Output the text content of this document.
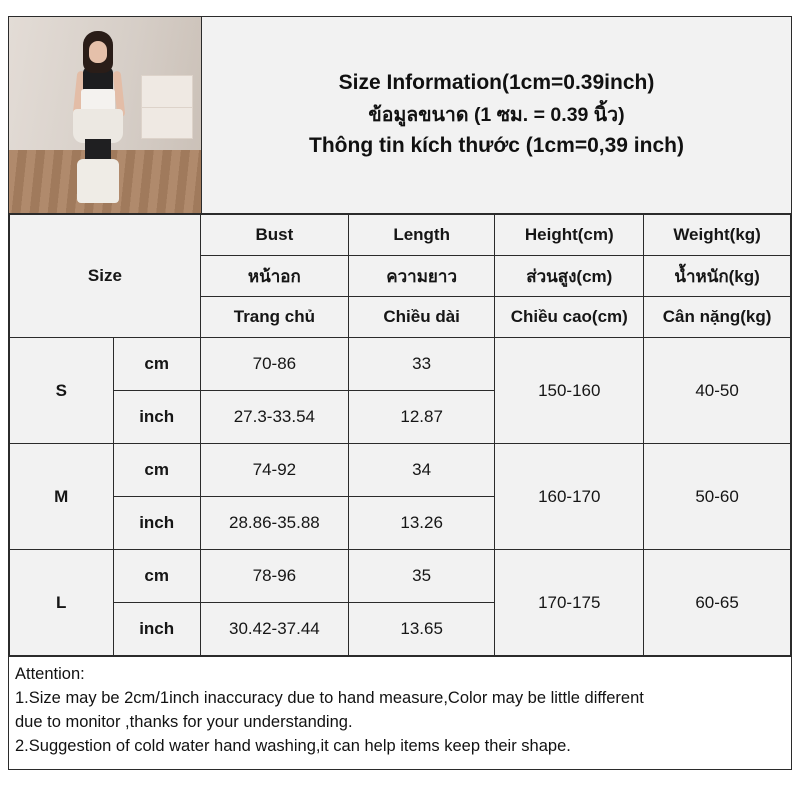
Size Information(1cm=0.39inch)
ข้อมูลขนาด (1 ซม. = 0.39 นิ้ว)
Thông tin kích thước (1cm=0,39 inch)
Size		Bust	Length	Height(cm)	Weight(kg)
		หน้าอก	ความยาว	ส่วนสูง(cm)	น้ำหนัก(kg)
		Trang chủ	Chiều dài	Chiều cao(cm)	Cân nặng(kg)
S	cm	70-86	33	150-160	40-50
	inch	27.3-33.54	12.87		
M	cm	74-92	34	160-170	50-60
	inch	28.86-35.88	13.26		
L	cm	78-96	35	170-175	60-65
	inch	30.42-37.44	13.65		

Attention:

1.Size may be 2cm/1inch inaccuracy due to hand measure,Color may be little different

due to monitor ,thanks for your understanding.

2.Suggestion of cold water hand washing,it can help items keep their shape.
